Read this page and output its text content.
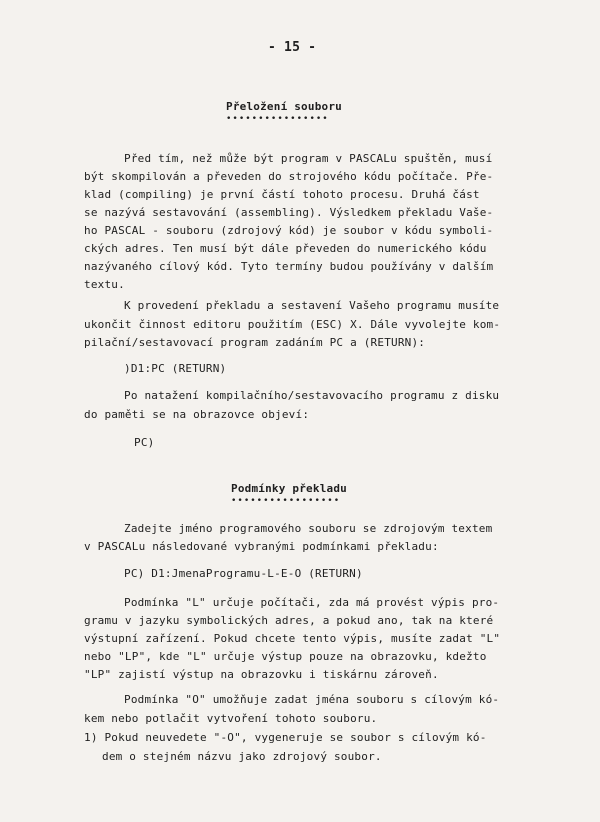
- 15 -
Přeložení souboru
••••••••••••••••
Před tím, než může být program v PASCALu spuštěn, musí
být skompilován a převeden do strojového kódu počítače. Pře-
klad (compiling) je první částí tohoto procesu. Druhá část
se nazývá sestavování (assembling). Výsledkem překladu Vaše-
ho PASCAL - souboru (zdrojový kód) je soubor v kódu symboli-
ckých adres. Ten musí být dále převeden do numerického kódu
nazývaného cílový kód. Tyto termíny budou používány v dalším
textu.
K provedení překladu a sestavení Vašeho programu musíte
ukončit činnost editoru použitím (ESC) X. Dále vyvolejte kom-
pilační/sestavovací program zadáním PC a (RETURN):
)D1:PC (RETURN)
Po natažení kompilačního/sestavovacího programu z disku
do paměti se na obrazovce objeví:
PC)
Podmínky překladu
•••••••••••••••••
Zadejte jméno programového souboru se zdrojovým textem
v PASCALu následované vybranými podmínkami překladu:
PC) D1:JmenaProgramu-L-E-O (RETURN)
Podmínka "L" určuje počítači, zda má provést výpis pro-
gramu v jazyku symbolických adres, a pokud ano, tak na které
výstupní zařízení. Pokud chcete tento výpis, musíte zadat "L"
nebo "LP", kde "L" určuje výstup pouze na obrazovku, kdežto
"LP" zajistí výstup na obrazovku i tiskárnu zároveň.
Podmínka "O" umožňuje zadat jména souboru s cílovým kó-
kem nebo potlačit vytvoření tohoto souboru.
1) Pokud neuvedete "-O", vygeneruje se soubor s cílovým kó-
dem o stejném názvu jako zdrojový soubor.
